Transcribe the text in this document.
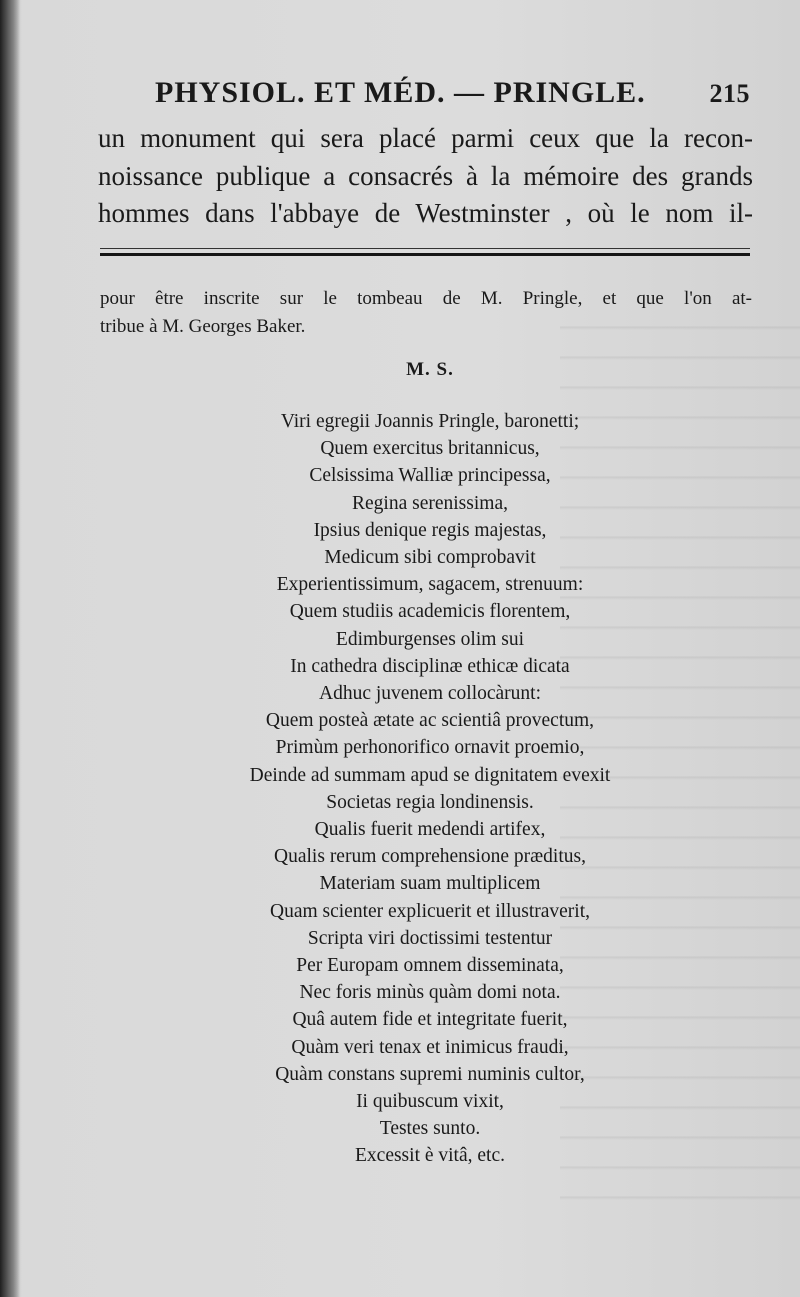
PHYSIOL. ET MÉD. — PRINGLE. 215
un monument qui sera placé parmi ceux que la recon-
noissance publique a consacrés à la mémoire des grands
hommes dans l'abbaye de Westminster , où le nom il-
pour être inscrite sur le tombeau de M. Pringle, et que l'on at-
tribue à M. Georges Baker.
M. S.
Viri egregii Joannis Pringle, baronetti;
Quem exercitus britannicus,
Celsissima Walliæ principessa,
Regina serenissima,
Ipsius denique regis majestas,
Medicum sibi comprobavit
Experientissimum, sagacem, strenuum:
Quem studiis academicis florentem,
Edimburgenses olim sui
In cathedra disciplinæ ethicæ dicata
Adhuc juvenem collocàrunt:
Quem posteà ætate ac scientiâ provectum,
Primùm perhonorifico ornavit proemio,
Deinde ad summam apud se dignitatem evexit
Societas regia londinensis.
Qualis fuerit medendi artifex,
Qualis rerum comprehensione præditus,
Materiam suam multiplicem
Quam scienter explicuerit et illustraverit,
Scripta viri doctissimi testentur
Per Europam omnem disseminata,
Nec foris minùs quàm domi nota.
Quâ autem fide et integritate fuerit,
Quàm veri tenax et inimicus fraudi,
Quàm constans supremi numinis cultor,
Ii quibuscum vixit,
Testes sunto.
Excessit è vitâ, etc.
